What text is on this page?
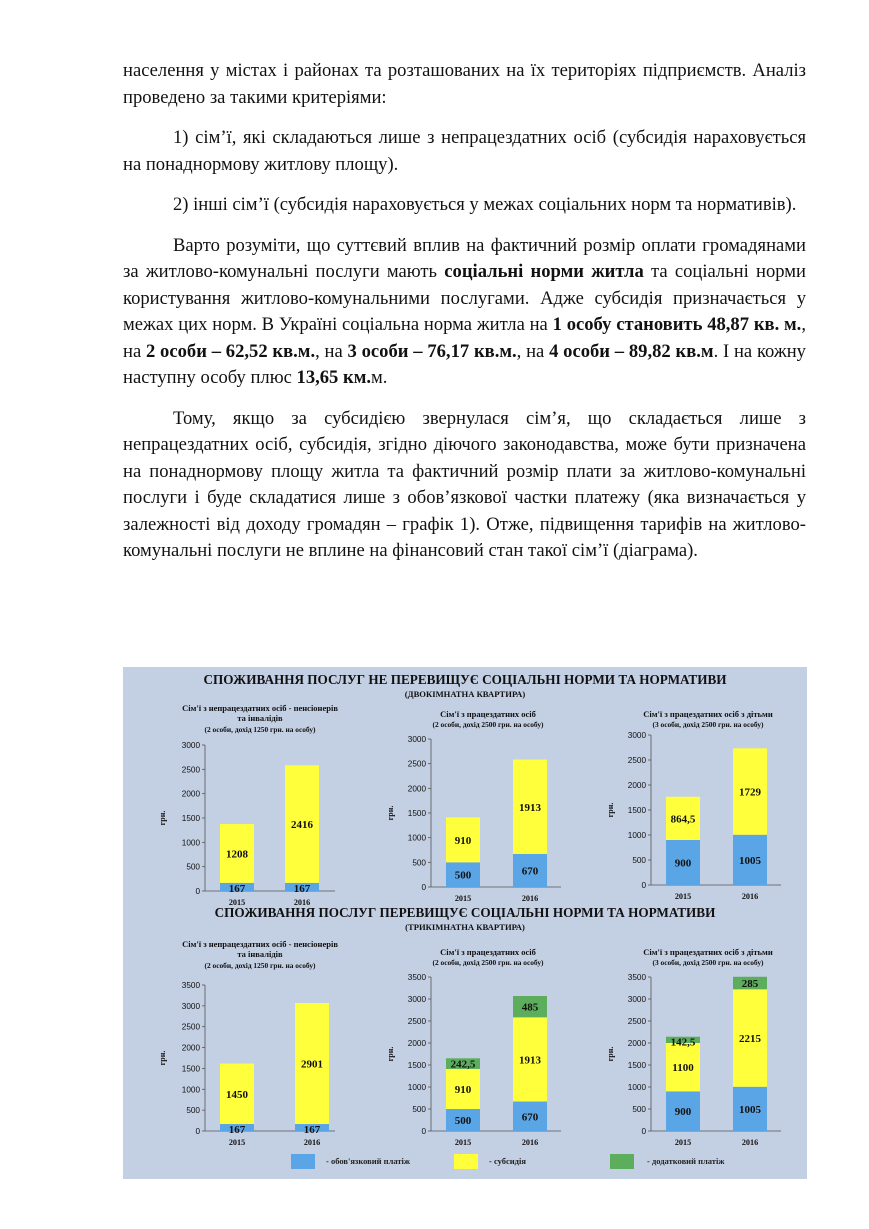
населення у містах і районах та розташованих на їх територіях підприємств. Аналіз проведено за такими критеріями:

1) сім’ї, які складаються лише з непрацездатних осіб (субсидія нараховується на понаднормову житлову площу).

2) інші сім’ї (субсидія нараховується у межах соціальних норм та нормативів).

Варто розуміти, що суттєвий вплив на фактичний розмір оплати громадянами за житлово-комунальні послуги мають соціальні норми житла та соціальні норми користування житлово-комунальними послугами. Адже субсидія призначається у межах цих норм. В Україні соціальна норма житла на 1 особу становить 48,87 кв. м., на 2 особи – 62,52 кв.м., на 3 особи – 76,17 кв.м., на 4 особи – 89,82 кв.м. І на кожну наступну особу плюс 13,65 км.м.

Тому, якщо за субсидією звернулася сім’я, що складається лише з непрацездатних осіб, субсидія, згідно діючого законодавства, може бути призначена на понаднормову площу житла та фактичний розмір плати за житлово-комунальні послуги і буде складатися лише з обов’язкової частки платежу (яка визначається у залежності від доходу громадян – графік 1). Отже, підвищення тарифів на житлово-комунальні послуги не вплине на фінансовий стан такої сім’ї (діаграма).

СПОЖИВАННЯ ПОСЛУГ НЕ ПЕРЕВИЩУЄ СОЦІАЛЬНІ НОРМИ ТА НОРМАТИВИ
(ДВОКІМНАТНА КВАРТИРА)
СПОЖИВАННЯ ПОСЛУГ ПЕРЕВИЩУЄ СОЦІАЛЬНІ НОРМИ ТА НОРМАТИВИ
(ТРИКІМНАТНА КВАРТИРА)
Сім'ї з непрацездатних осіб - пенсіонерів
та інвалідів
(2 особи, дохід 1250 грн. на особу)
0
500
1000
1500
2000
2500
3000
грн.
167
1208
2015
167
2416
2016
Сім'ї з працездатних осіб
(2 особи, дохід 2500 грн. на особу)
0
500
1000
1500
2000
2500
3000
грн.
500
910
2015
670
1913
2016
Сім'ї з працездатних осіб з дітьми
(3 особи, дохід 2500 грн. на особу)
0
500
1000
1500
2000
2500
3000
грн.
900
864,5
2015
1005
1729
2016
Сім'ї з непрацездатних осіб - пенсіонерів
та інвалідів
(2 особи, дохід 1250 грн. на особу)
0
500
1000
1500
2000
2500
3000
3500
грн.
167
1450
2015
167
2901
2016
Сім'ї з працездатних осіб
(2 особи, дохід 2500 грн. на особу)
0
500
1000
1500
2000
2500
3000
3500
грн.
500
910
242,5
2015
670
1913
485
2016
Сім'ї з працездатних осіб з дітьми
(3 особи, дохід 2500 грн. на особу)
0
500
1000
1500
2000
2500
3000
3500
грн.
900
1100
142,5
2015
1005
2215
285
2016
- обов'язковий платіж	- субсидія	- додатковий платіж
